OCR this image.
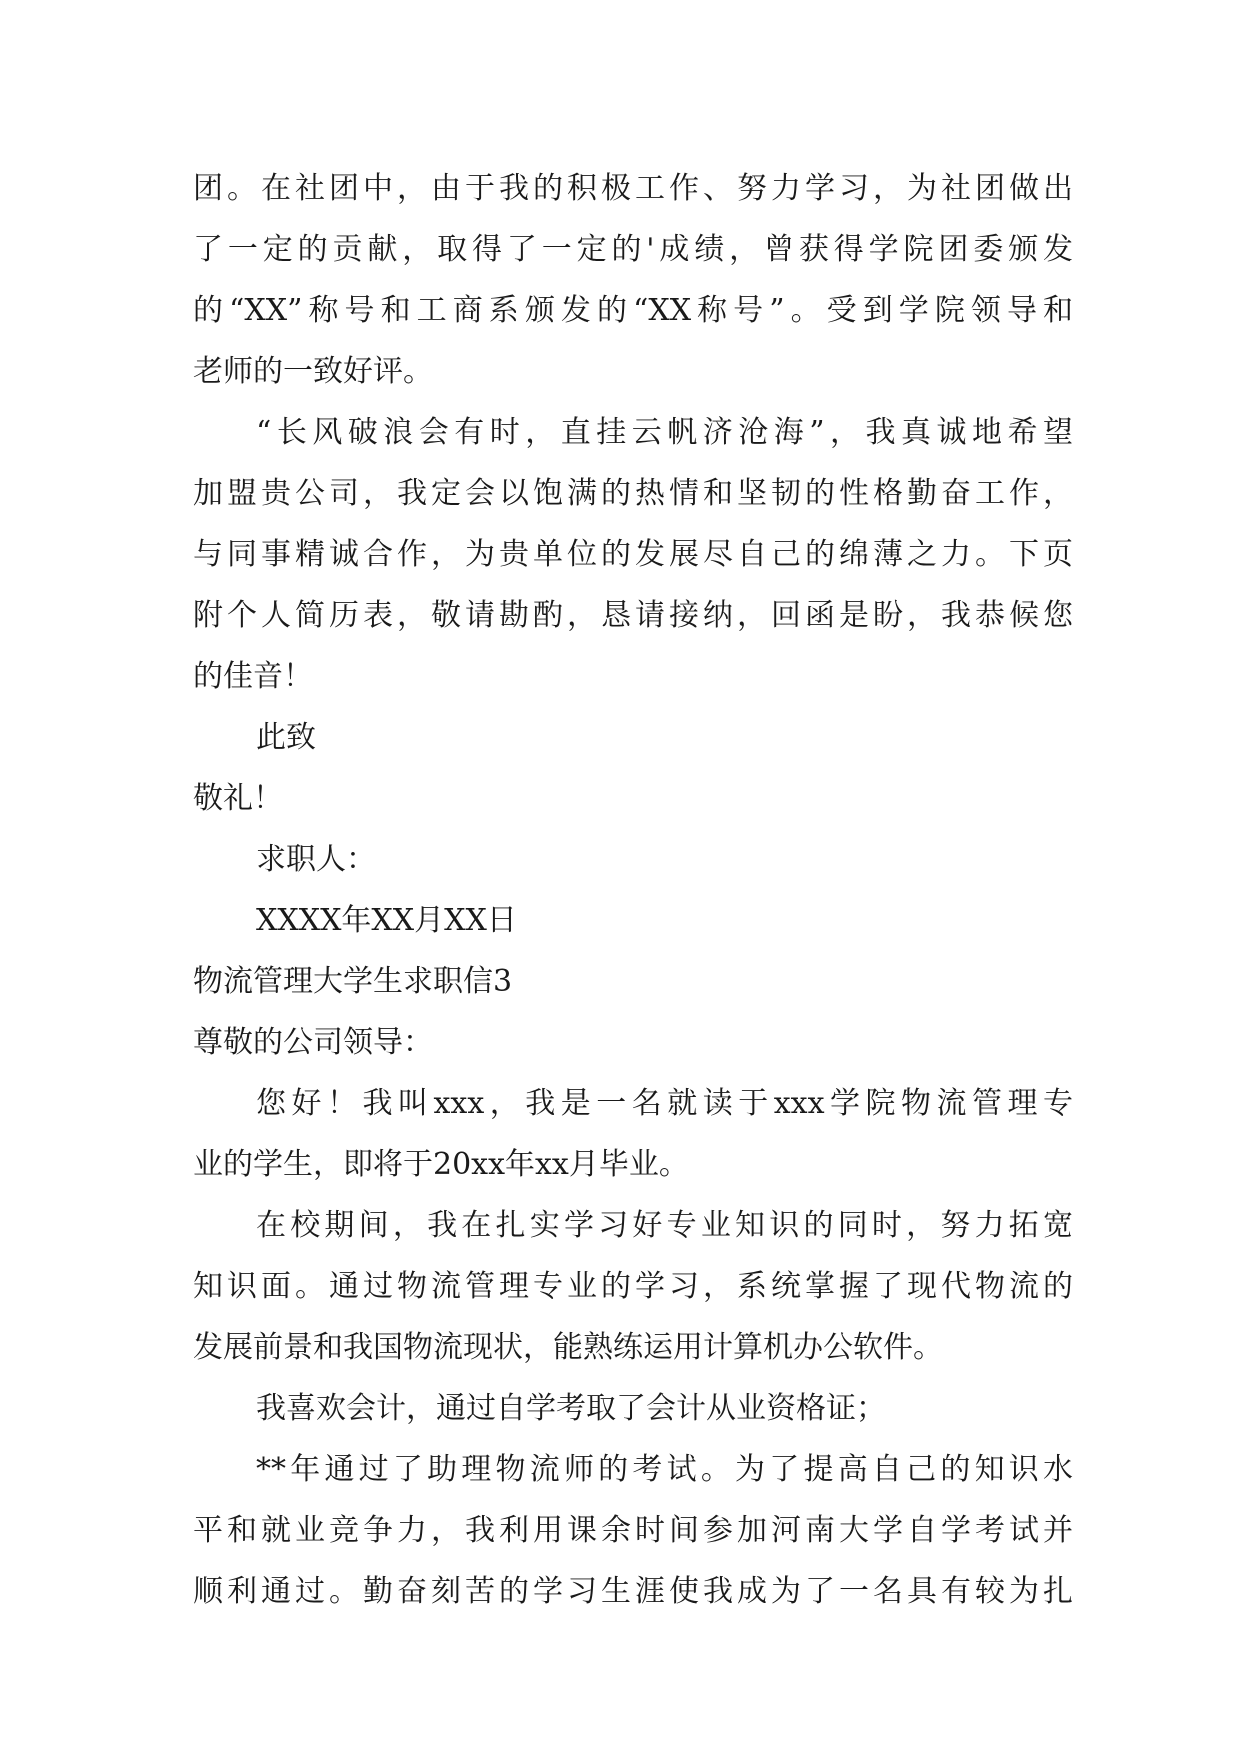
团。在社团中，由于我的积极工作、努力学习，为社团做出
了一定的贡献，取得了一定的'成绩，曾获得学院团委颁发
的“XX”称号和工商系颁发的“XX称号”。受到学院领导和
老师的一致好评。
“长风破浪会有时，直挂云帆济沧海”，我真诚地希望
加盟贵公司，我定会以饱满的热情和坚韧的性格勤奋工作，
与同事精诚合作，为贵单位的发展尽自己的绵薄之力。下页
附个人简历表，敬请勘酌，恳请接纳，回函是盼，我恭候您
的佳音！
此致
敬礼！
求职人：
XXXX年XX月XX日
物流管理大学生求职信3
尊敬的公司领导：
您好！我叫xxx，我是一名就读于xxx学院物流管理专
业的学生，即将于20xx年xx月毕业。
在校期间，我在扎实学习好专业知识的同时，努力拓宽
知识面。通过物流管理专业的学习，系统掌握了现代物流的
发展前景和我国物流现状，能熟练运用计算机办公软件。
我喜欢会计，通过自学考取了会计从业资格证；
**年通过了助理物流师的考试。为了提高自己的知识水
平和就业竞争力，我利用课余时间参加河南大学自学考试并
顺利通过。勤奋刻苦的学习生涯使我成为了一名具有较为扎
